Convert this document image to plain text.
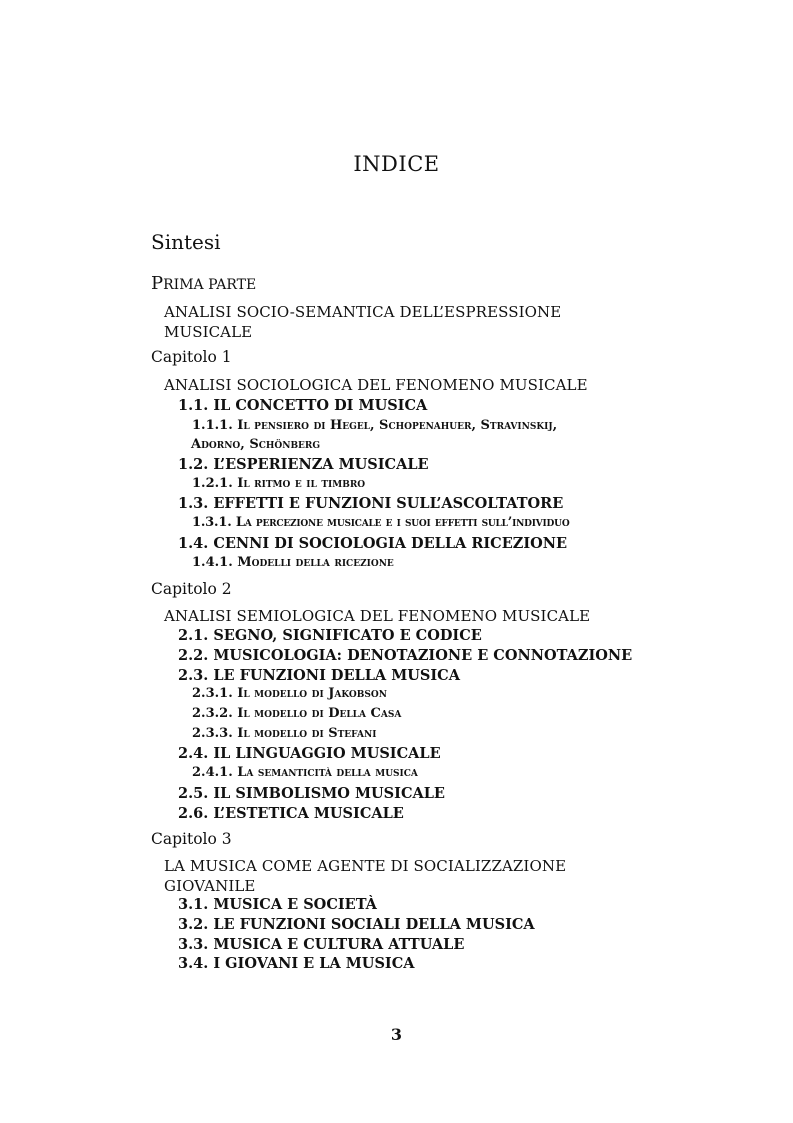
INDICE
Sintesi
PRIMA PARTE
ANALISI SOCIO-SEMANTICA DELL’ESPRESSIONE
MUSICALE
Capitolo 1
ANALISI SOCIOLOGICA DEL FENOMENO MUSICALE
1.1. IL CONCETTO DI MUSICA
1.1.1. Il pensiero di Hegel, Schopenahuer, Stravinskij,
Adorno, Schönberg
1.2. L’ESPERIENZA MUSICALE
1.2.1. Il ritmo e il timbro
1.3. EFFETTI E FUNZIONI SULL’ASCOLTATORE
1.3.1. La percezione musicale e i suoi effetti sull’individuo
1.4. CENNI DI SOCIOLOGIA DELLA RICEZIONE
1.4.1. Modelli della ricezione
Capitolo 2
ANALISI SEMIOLOGICA DEL FENOMENO MUSICALE
2.1. SEGNO, SIGNIFICATO E CODICE
2.2. MUSICOLOGIA: DENOTAZIONE E CONNOTAZIONE
2.3. LE FUNZIONI DELLA MUSICA
2.3.1. Il modello di Jakobson
2.3.2. Il modello di Della Casa
2.3.3. Il modello di Stefani
2.4. IL LINGUAGGIO MUSICALE
2.4.1. La semanticità della musica
2.5. IL SIMBOLISMO MUSICALE
2.6. L’ESTETICA MUSICALE
Capitolo 3
LA MUSICA COME AGENTE DI SOCIALIZZAZIONE
GIOVANILE
3.1. MUSICA E SOCIETÀ
3.2. LE FUNZIONI SOCIALI DELLA MUSICA
3.3. MUSICA E CULTURA ATTUALE
3.4. I GIOVANI E LA MUSICA
3
